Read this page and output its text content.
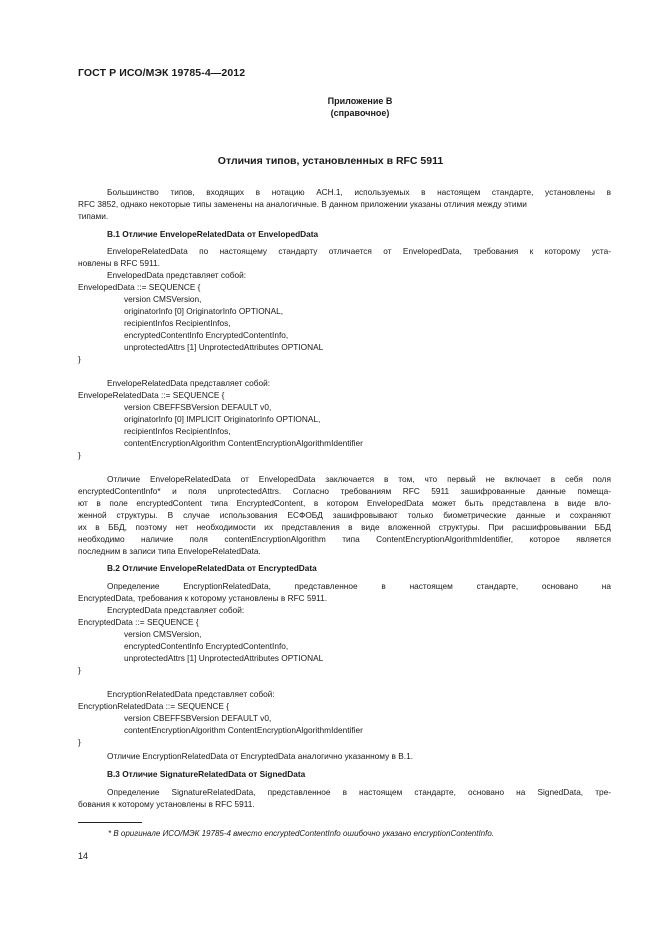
ГОСТ Р ИСО/МЭК 19785-4—2012
Приложение В
(справочное)
Отличия типов, установленных в RFC 5911
Большинство типов, входящих в нотацию АСН.1, используемых в настоящем стандарте, установлены в
RFC 3852, однако некоторые типы заменены на аналогичные. В данном приложении указаны отличия между этими
типами.
В.1 Отличие EnvelopeRelatedData от EnvelopedData
EnvelopeRelatedData по настоящему стандарту отличается от EnvelopedData, требования к которому уста-
новлены в RFC 5911.
EnvelopedData представляет собой:
EnvelopedData ::= SEQUENCE {
version CMSVersion,
originatorInfo [0] OriginatorInfo OPTIONAL,
recipientInfos RecipientInfos,
encryptedContentInfo EncryptedContentInfo,
unprotectedAttrs [1] UnprotectedAttributes OPTIONAL
}
EnvelopeRelatedData представляет собой:
EnvelopeRelatedData ::= SEQUENCE {
version CBEFFSBVersion DEFAULT v0,
originatorInfo [0] IMPLICIT OriginatorInfo OPTIONAL,
recipientInfos RecipientInfos,
contentEncryptionAlgorithm ContentEncryptionAlgorithmIdentifier
}
Отличие EnvelopeRelatedData от EnvelopedData заключается в том, что первый не включает в себя поля
encryptedContentInfo* и поля unprotectedAttrs. Согласно требованиям RFC 5911 зашифрованные данные помеща-
ют в поле encryptedContent типа EncryptedContent, в котором EnvelopedData может быть представлена в виде вло-
женной структуры. В случае использования ЕСФОБД зашифровывают только биометрические данные и сохраняют
их в ББД, поэтому нет необходимости их представления в виде вложенной структуры. При расшифровывании ББД
необходимо наличие поля contentEncryptionAlgorithm типа ContentEncryptionAlgorithmIdentifier, которое является
последним в записи типа EnvelopeRelatedData.
В.2 Отличие EnvelopeRelatedData от EncryptedData
Определение EncryptionRelatedData, представленное в настоящем стандарте, основано на
EncryptedData, требования к которому установлены в RFC 5911.
EncryptedData представляет собой:
EncryptedData ::= SEQUENCE {
version CMSVersion,
encryptedContentInfo EncryptedContentInfo,
unprotectedAttrs [1] UnprotectedAttributes OPTIONAL
}
EncryptionRelatedData представляет собой:
EncryptionRelatedData ::= SEQUENCE {
version CBEFFSBVersion DEFAULT v0,
contentEncryptionAlgorithm ContentEncryptionAlgorithmIdentifier
}
Отличие EncryptionRelatedData от EncryptedData аналогично указанному в В.1.
В.3 Отличие SignatureRelatedData от SignedData
Определение SignatureRelatedData, представленное в настоящем стандарте, основано на SignedData, тре-
бования к которому установлены в RFC 5911.
* В оригинале ИСО/МЭК 19785-4 вместо encryptedContentInfo ошибочно указано encryptionContentInfo.
14
